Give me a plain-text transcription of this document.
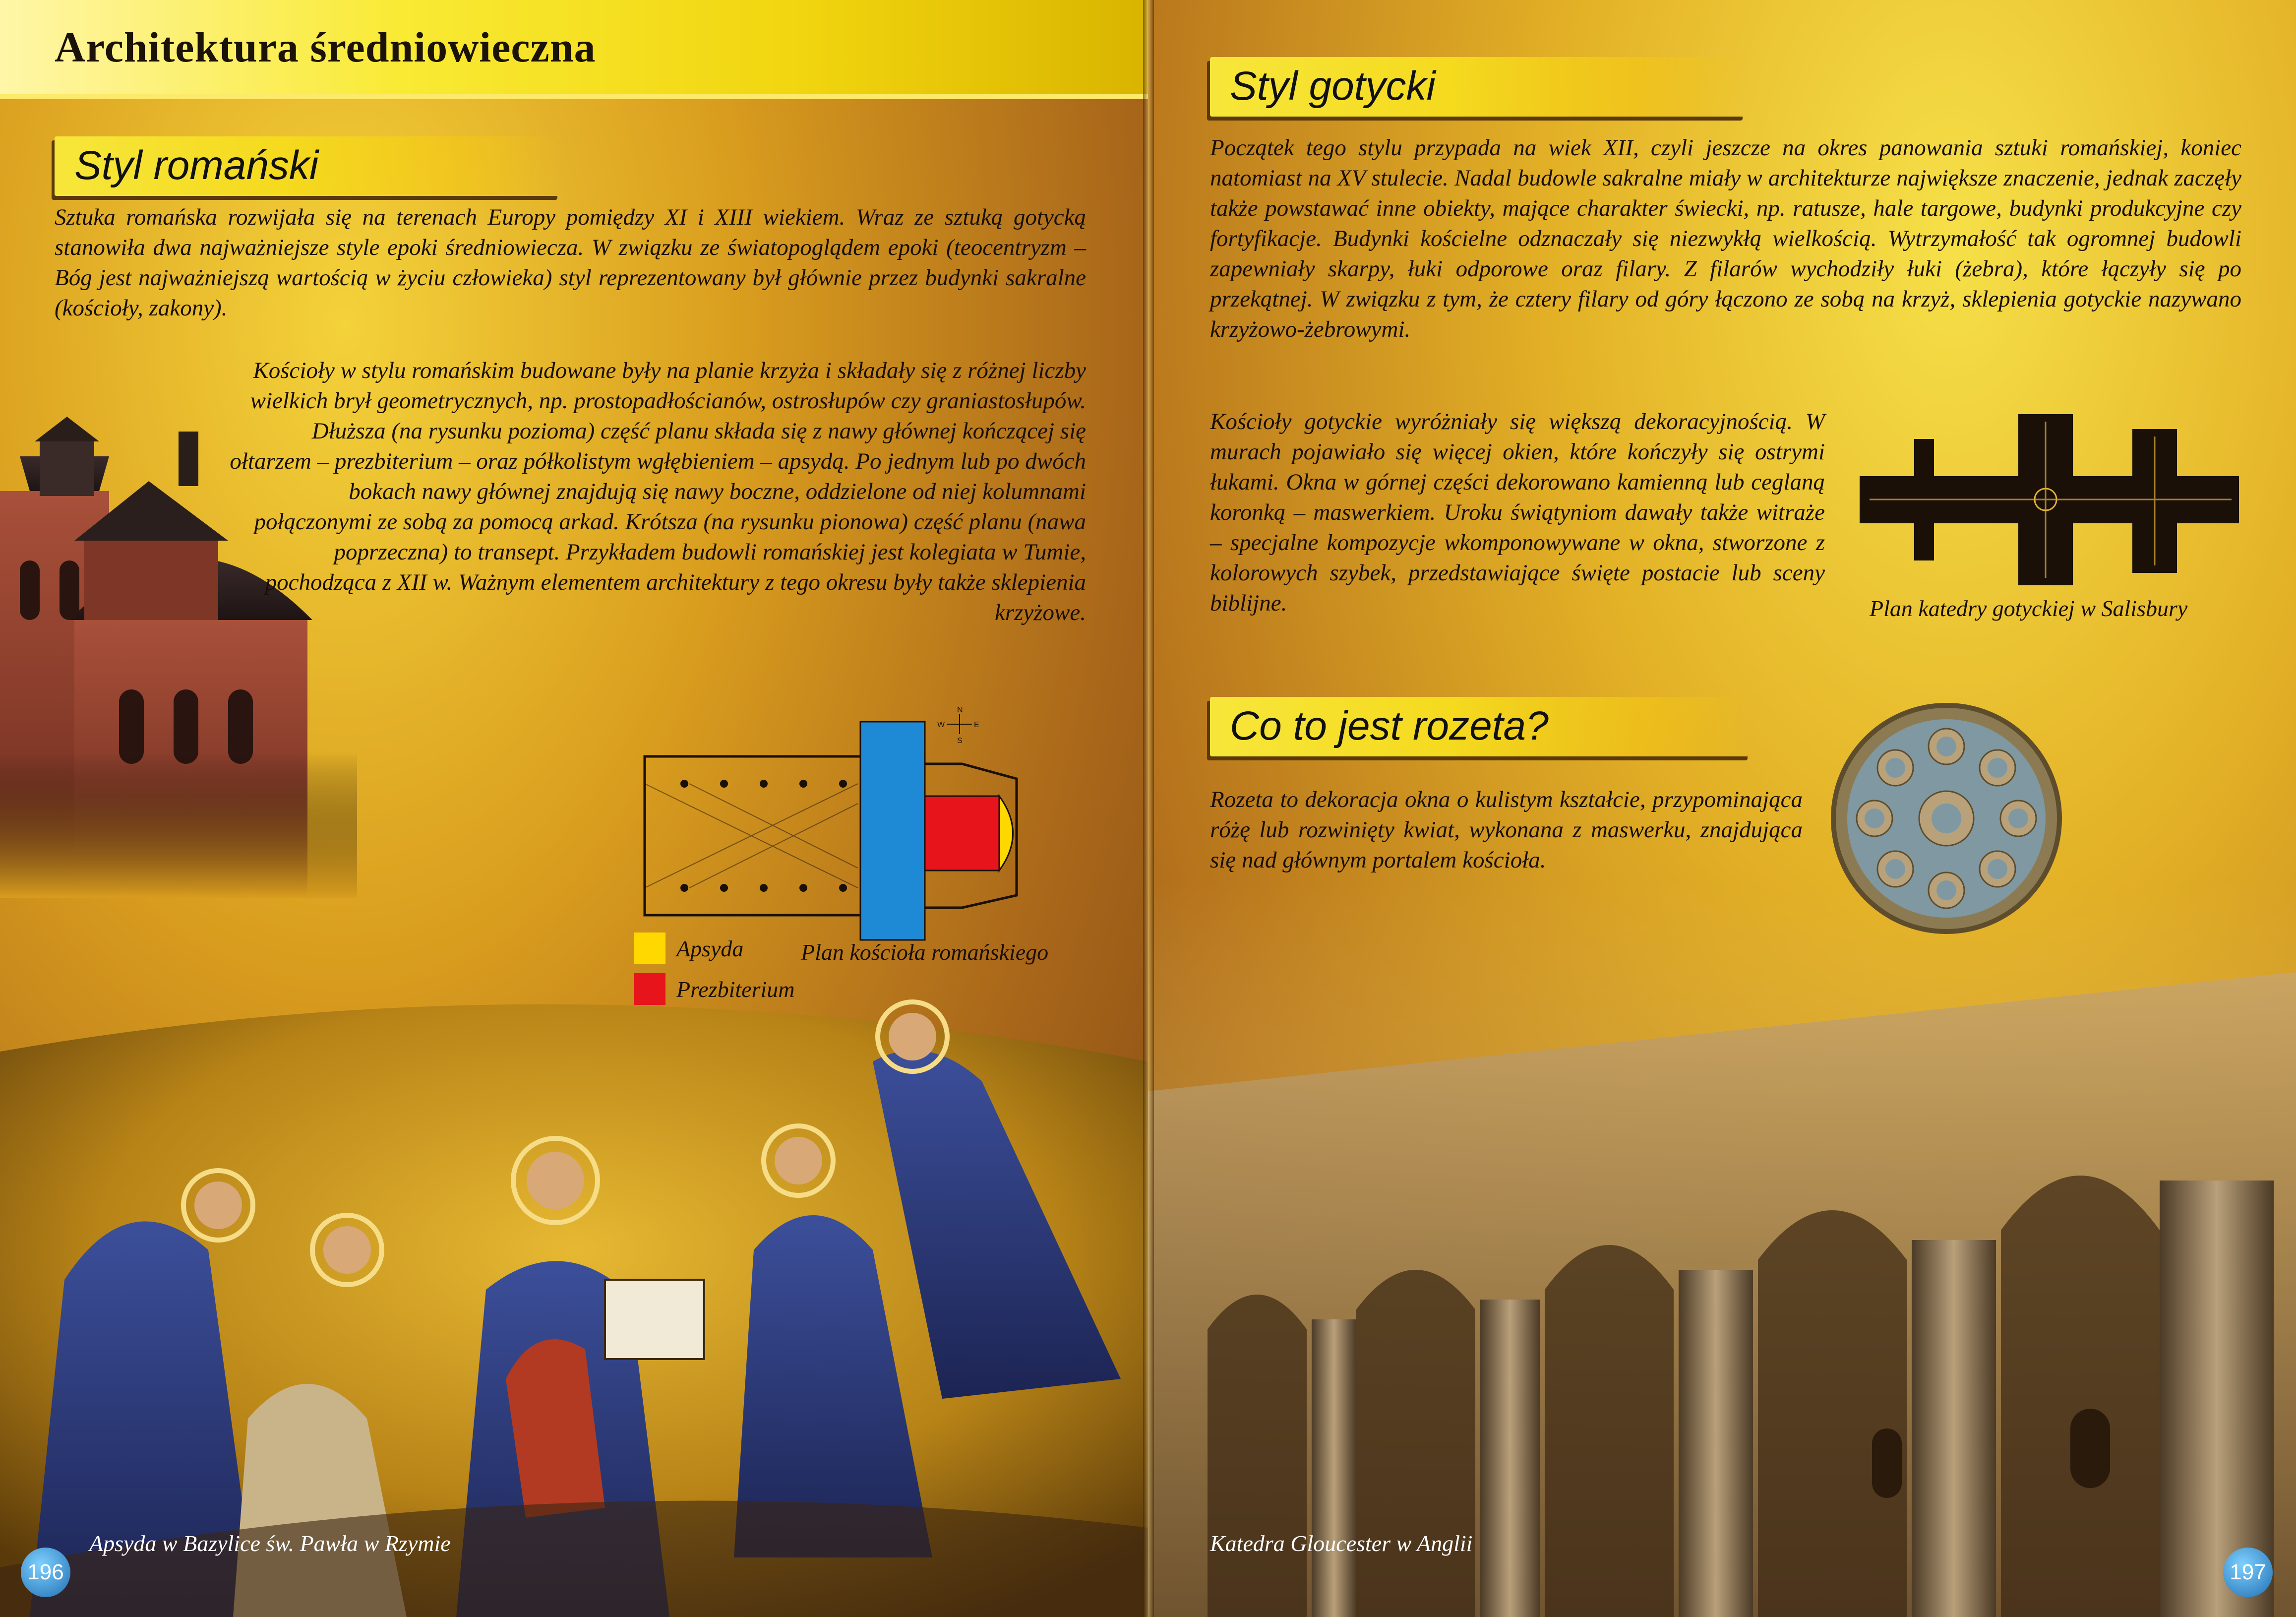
Architektura średniowieczna
Styl romański

Sztuka romańska rozwijała się na terenach Europy pomiędzy XI i XIII wiekiem. Wraz ze sztuką gotycką stanowiła dwa najważniejsze style epoki średniowiecza. W związku ze światopoglądem epoki (teocentryzm – Bóg jest najważniejszą wartością w życiu człowieka) styl reprezentowany był głównie przez budynki sakralne (kościoły, zakony).

Kościoły w stylu romańskim budowane były na planie krzyża i składały się z różnej liczby wielkich brył geometrycznych, np. prostopadłościanów, ostrosłupów czy graniastosłupów. Dłuższa (na rysunku pozioma) część planu składa się z nawy głównej kończącej się ołtarzem – prezbiterium – oraz półkolistym wgłębieniem – apsydą. Po jednym lub po dwóch bokach nawy głównej znajdują się nawy boczne, oddzielone od niej kolumnami połączonymi ze sobą za pomocą arkad. Krótsza (na rysunku pionowa) część planu (nawa poprzeczna) to transept. Przykładem budowli romańskiej jest kolegiata w Tumie, pochodząca z XII w. Ważnym elementem architektury z tego okresu były także sklepienia krzyżowe.

N
S
W	E
Plan kościoła romańskiego
Apsyda
Prezbiterium
Apsyda w Bazylice św. Pawła w Rzymie
196
Styl gotycki

Początek tego stylu przypada na wiek XII, czyli jeszcze na okres panowania sztuki romańskiej, koniec natomiast na XV stulecie. Nadal budowle sakralne miały w architekturze największe znaczenie, jednak zaczęły także powstawać inne obiekty, mające charakter świecki, np. ratusze, hale targowe, budynki produkcyjne czy fortyfikacje. Budynki kościelne odznaczały się niezwykłą wielkością. Wytrzymałość tak ogromnej budowli zapewniały skarpy, łuki odporowe oraz filary. Z filarów wychodziły łuki (żebra), które łączyły się po przekątnej. W związku z tym, że cztery filary od góry łączono ze sobą na krzyż, sklepienia gotyckie nazywano krzyżowo-żebrowymi.

Kościoły gotyckie wyróżniały się większą dekoracyjnością. W murach pojawiało się więcej okien, które kończyły się ostrymi łukami. Okna w górnej części dekorowano kamienną lub ceglaną koronką – maswerkiem. Uroku świątyniom dawały także witraże – specjalne kompozycje wkomponowywane w okna, stworzone z kolorowych szybek, przedstawiające święte postacie lub sceny biblijne.	Plan katedry gotyckiej w Salisbury
Co to jest rozeta?

Rozeta to dekoracja okna o kulistym kształcie, przypominająca różę lub rozwinięty kwiat, wykonana z maswerku, znajdująca się nad głównym portalem kościoła.

Katedra Gloucester w Anglii
197
